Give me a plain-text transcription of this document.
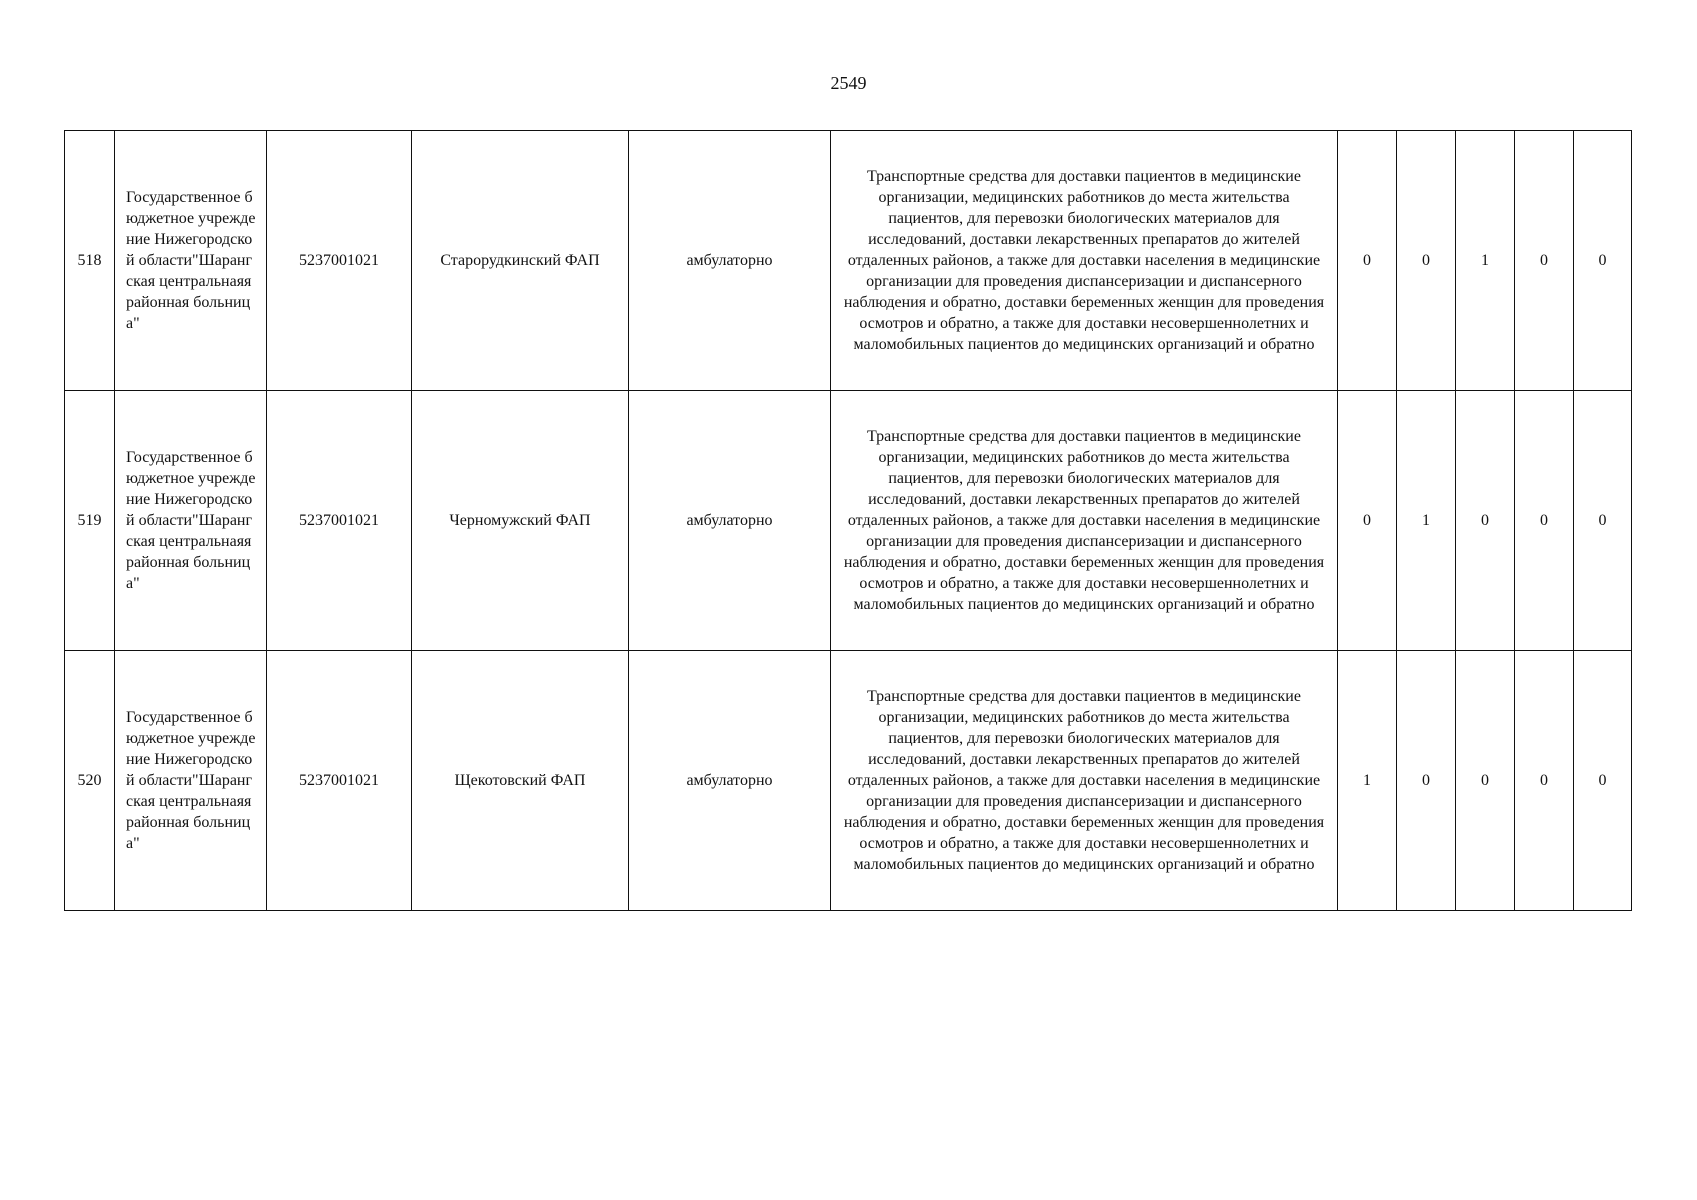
2549
518	Государственное бюджетное учреждение Нижегородской области"Шарангская центральнаяя районная больница"	5237001021	Старорудкинский ФАП	амбулаторно	Транспортные средства для доставки пациентов в медицинские организации, медицинских работников до места жительства пациентов, для перевозки биологических материалов для исследований, доставки лекарственных препаратов до жителей отдаленных районов, а также для доставки населения в медицинские организации для проведения диспансеризации и диспансерного наблюдения и обратно, доставки беременных женщин для проведения осмотров и обратно, а также для доставки несовершеннолетних и маломобильных пациентов до медицинских организаций и обратно	0	0	1	0	0
519	Государственное бюджетное учреждение Нижегородской области"Шарангская центральнаяя районная больница"	5237001021	Черномужский ФАП	амбулаторно	Транспортные средства для доставки пациентов в медицинские организации, медицинских работников до места жительства пациентов, для перевозки биологических материалов для исследований, доставки лекарственных препаратов до жителей отдаленных районов, а также для доставки населения в медицинские организации для проведения диспансеризации и диспансерного наблюдения и обратно, доставки беременных женщин для проведения осмотров и обратно, а также для доставки несовершеннолетних и маломобильных пациентов до медицинских организаций и обратно	0	1	0	0	0
520	Государственное бюджетное учреждение Нижегородской области"Шарангская центральнаяя районная больница"	5237001021	Щекотовский ФАП	амбулаторно	Транспортные средства для доставки пациентов в медицинские организации, медицинских работников до места жительства пациентов, для перевозки биологических материалов для исследований, доставки лекарственных препаратов до жителей отдаленных районов, а также для доставки населения в медицинские организации для проведения диспансеризации и диспансерного наблюдения и обратно, доставки беременных женщин для проведения осмотров и обратно, а также для доставки несовершеннолетних и маломобильных пациентов до медицинских организаций и обратно	1	0	0	0	0
